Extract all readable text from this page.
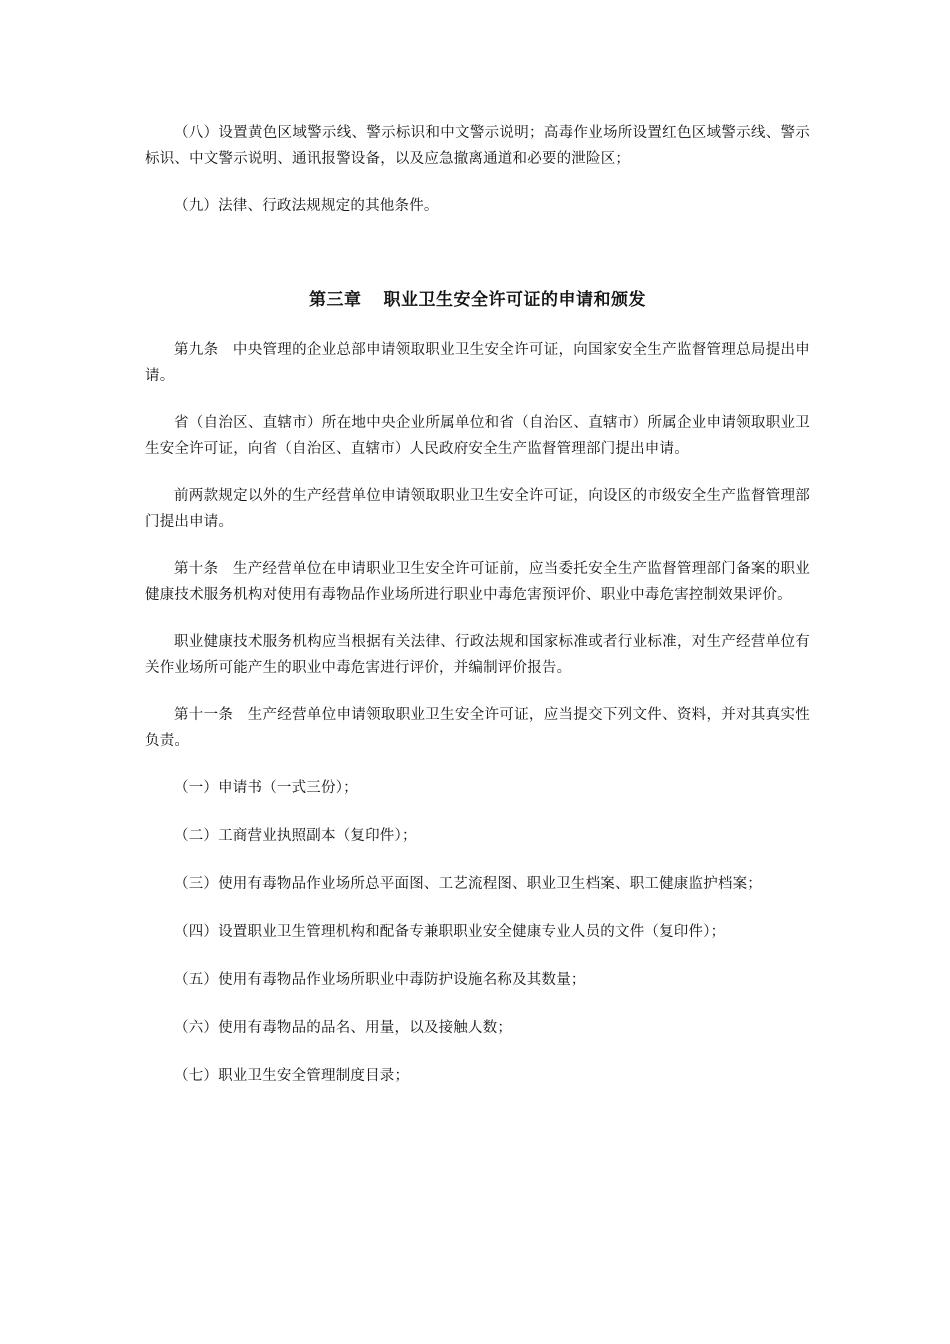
（八）设置黄色区域警示线、警示标识和中文警示说明；高毒作业场所设置红色区域警示线、警示标识、中文警示说明、通讯报警设备，以及应急撤离通道和必要的泄险区；

（九）法律、行政法规规定的其他条件。

第三章 职业卫生安全许可证的申请和颁发

第九条 中央管理的企业总部申请领取职业卫生安全许可证，向国家安全生产监督管理总局提出申请。

省（自治区、直辖市）所在地中央企业所属单位和省（自治区、直辖市）所属企业申请领取职业卫生安全许可证，向省（自治区、直辖市）人民政府安全生产监督管理部门提出申请。

前两款规定以外的生产经营单位申请领取职业卫生安全许可证，向设区的市级安全生产监督管理部门提出申请。

第十条 生产经营单位在申请职业卫生安全许可证前，应当委托安全生产监督管理部门备案的职业健康技术服务机构对使用有毒物品作业场所进行职业中毒危害预评价、职业中毒危害控制效果评价。

职业健康技术服务机构应当根据有关法律、行政法规和国家标准或者行业标准，对生产经营单位有关作业场所可能产生的职业中毒危害进行评价，并编制评价报告。

第十一条 生产经营单位申请领取职业卫生安全许可证，应当提交下列文件、资料，并对其真实性负责。

（一）申请书（一式三份）；

（二）工商营业执照副本（复印件）；

（三）使用有毒物品作业场所总平面图、工艺流程图、职业卫生档案、职工健康监护档案；

（四）设置职业卫生管理机构和配备专兼职职业安全健康专业人员的文件（复印件）；

（五）使用有毒物品作业场所职业中毒防护设施名称及其数量；

（六）使用有毒物品的品名、用量，以及接触人数；

（七）职业卫生安全管理制度目录；
